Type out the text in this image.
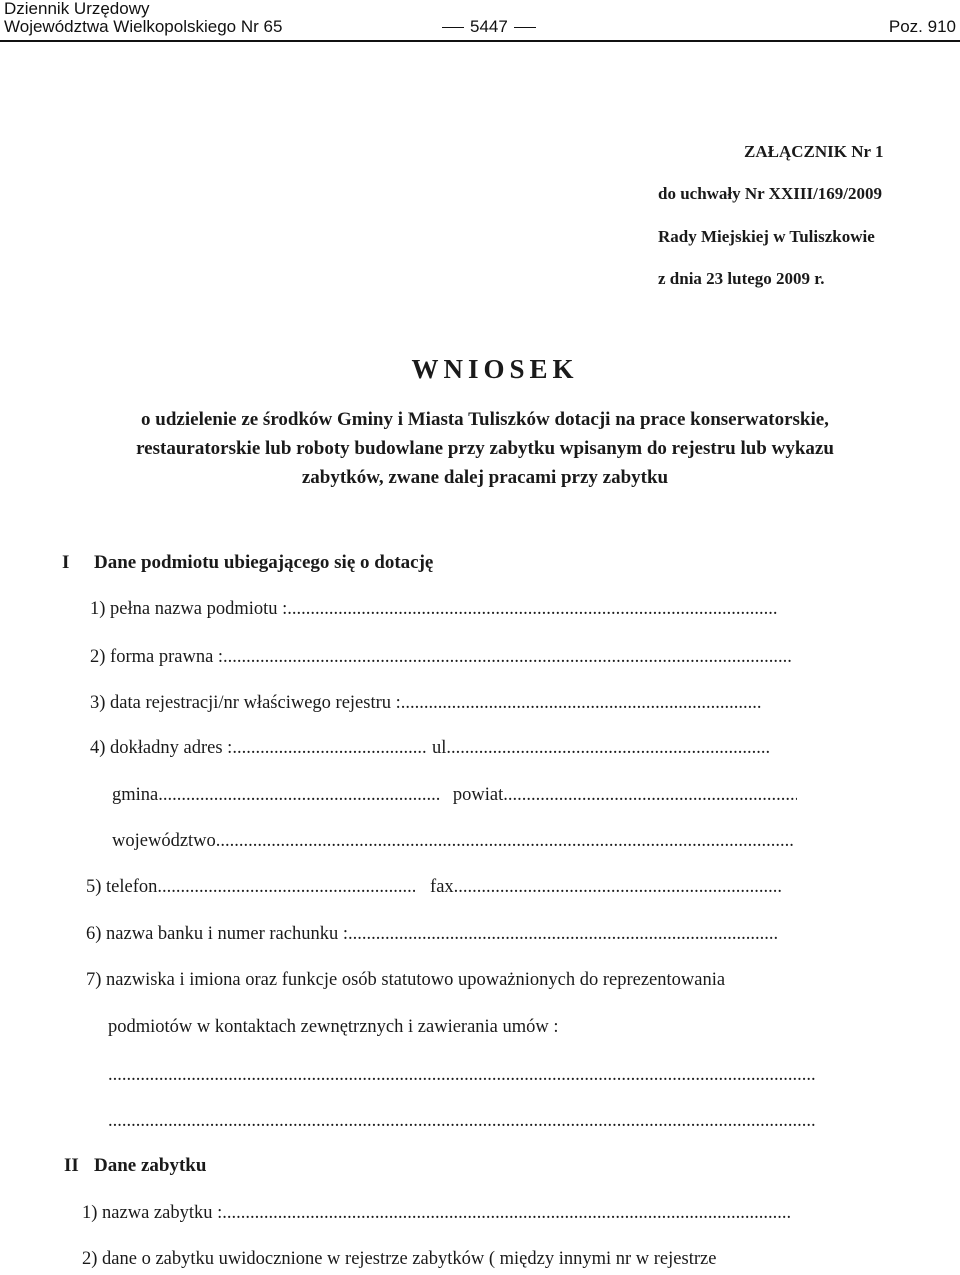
Dziennik Urzędowy
Województwa Wielkopolskiego Nr 65	5447	Poz. 910
ZAŁĄCZNIK Nr 1
do uchwały Nr XXIII/169/2009
Rady Miejskiej w Tuliszkowie
z dnia 23 lutego 2009 r.
WNIOSEK
o udzielenie ze środków Gminy i Miasta Tuliszków dotacji na prace konserwatorskie,
restauratorskie lub roboty budowlane przy zabytku wpisanym do rejestru lub wykazu
zabytków, zwane dalej pracami przy zabytku
I Dane podmiotu ubiegającego się o dotację
1) pełna nazwa podmiotu :.....
2) forma prawna :.....
3) data rejestracji/nr właściwego rejestru :.....
4) dokładny adres : .....	ul......
gmina .....	powiat.....
województwo.....
5) telefon .....	fax.....
6) nazwa banku i numer rachunku :.....
7) nazwiska i imiona oraz funkcje osób statutowo upoważnionych do reprezentowania
podmiotów w kontaktach zewnętrznych i zawierania umów :
.....
.....
II Dane zabytku
1) nazwa zabytku :.....
2) dane o zabytku uwidocznione w rejestrze zabytków ( między innymi nr w rejestrze
